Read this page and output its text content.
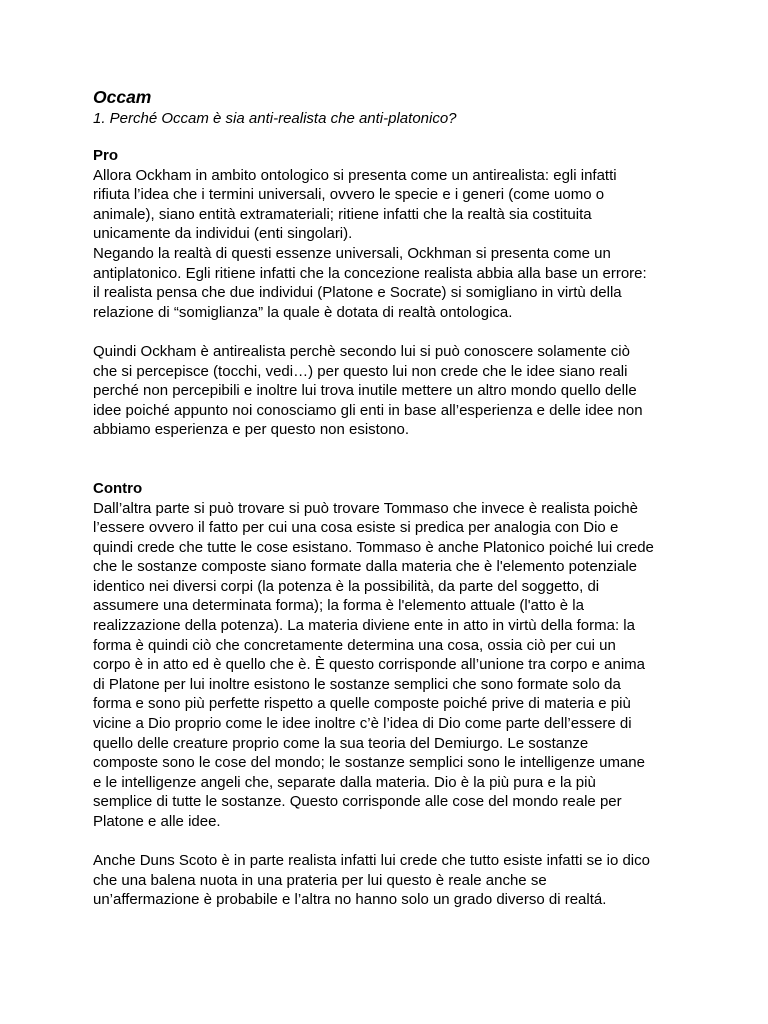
Occam

1. Perché Occam è sia anti-realista che anti-platonico?

Pro

Allora Ockham in ambito ontologico si presenta come un antirealista: egli infatti
rifiuta l’idea che i termini universali, ovvero le specie e i generi (come uomo o
animale), siano entità extramateriali; ritiene infatti che la realtà sia costituita
unicamente da individui (enti singolari).

Negando la realtà di questi essenze universali, Ockhman si presenta come un
antiplatonico. Egli ritiene infatti che la concezione realista abbia alla base un errore:
il realista pensa che due individui (Platone e Socrate) si somigliano in virtù della
relazione di “somiglianza” la quale è dotata di realtà ontologica.

Quindi Ockham è antirealista perchè secondo lui si può conoscere solamente ciò
che si percepisce (tocchi, vedi…) per questo lui non crede che le idee siano reali
perché non percepibili e inoltre lui trova inutile mettere un altro mondo quello delle
idee poiché appunto noi conosciamo gli enti in base all’esperienza e delle idee non
abbiamo esperienza e per questo non esistono.

Contro

Dall’altra parte si può trovare si può trovare Tommaso che invece è realista poichè
l’essere ovvero il fatto per cui una cosa esiste si predica per analogia con Dio e
quindi crede che tutte le cose esistano. Tommaso è anche Platonico poiché lui crede
che le sostanze composte siano formate dalla materia che è l'elemento potenziale
identico nei diversi corpi (la potenza è la possibilità, da parte del soggetto, di
assumere una determinata forma); la forma è l'elemento attuale (l'atto è la
realizzazione della potenza). La materia diviene ente in atto in virtù della forma: la
forma è quindi ciò che concretamente determina una cosa, ossia ciò per cui un
corpo è in atto ed è quello che è. È questo corrisponde all’unione tra corpo e anima
di Platone per lui inoltre esistono le sostanze semplici che sono formate solo da
forma e sono più perfette rispetto a quelle composte poiché prive di materia e più
vicine a Dio proprio come le idee inoltre c’è l’idea di Dio come parte dell’essere di
quello delle creature proprio come la sua teoria del Demiurgo. Le sostanze
composte sono le cose del mondo; le sostanze semplici sono le intelligenze umane
e le intelligenze angeli che, separate dalla materia. Dio è la più pura e la più
semplice di tutte le sostanze. Questo corrisponde alle cose del mondo reale per
Platone e alle idee.

Anche Duns Scoto è in parte realista infatti lui crede che tutto esiste infatti se io dico
che una balena nuota in una prateria per lui questo è reale anche se
un’affermazione è probabile e l’altra no hanno solo un grado diverso di realtá.
